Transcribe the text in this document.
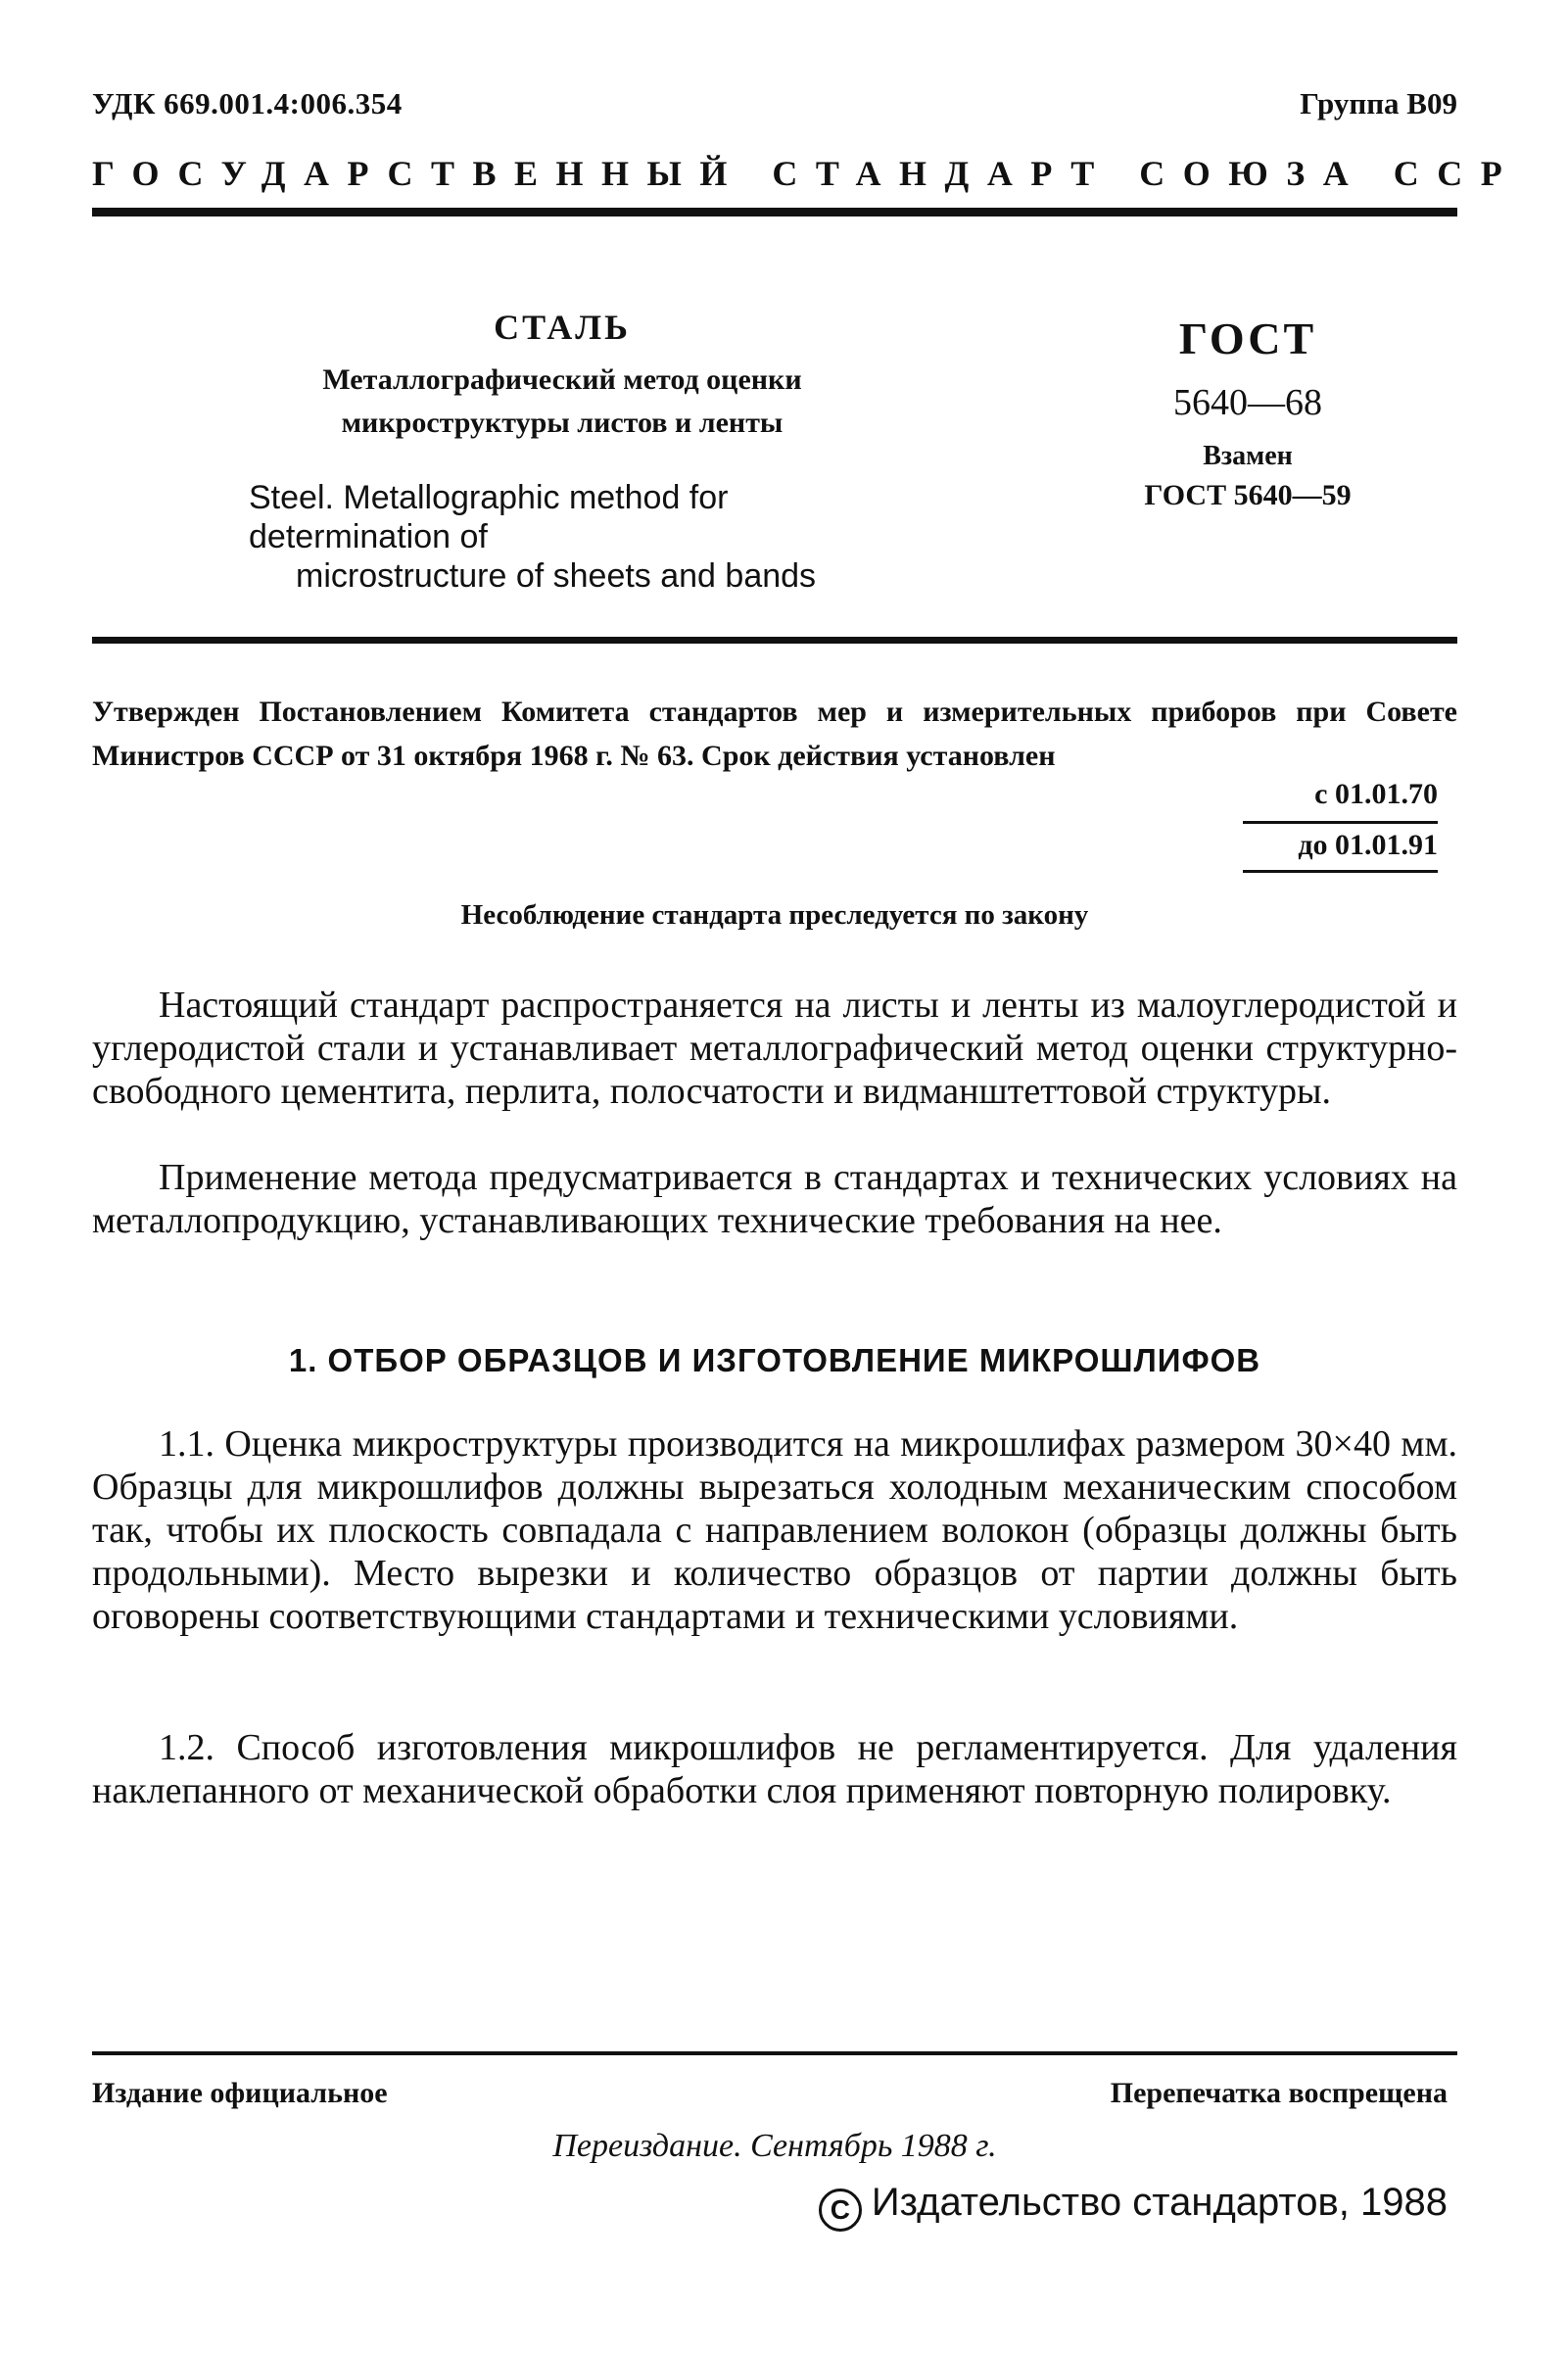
УДК 669.001.4:006.354	Группа В09
ГОСУДАРСТВЕННЫЙ СТАНДАРТ СОЮЗА ССР
СТАЛЬ
Металлографический метод оценки
микроструктуры листов и ленты
Steel. Metallographic method for determination of
microstructure of sheets and bands
ГОСТ
5640—68
Взамен
ГОСТ 5640—59
Утвержден Постановлением Комитета стандартов мер и измерительных приборов при Совете Министров СССР от 31 октября 1968 г. № 63. Срок действия установлен
с 01.01.70
до 01.01.91
Несоблюдение стандарта преследуется по закону
Настоящий стандарт распространяется на листы и ленты из малоуглеродистой и углеродистой стали и устанавливает металлографический метод оценки структурно-свободного цементита, перлита, полосчатости и видманштеттовой структуры.
Применение метода предусматривается в стандартах и технических условиях на металлопродукцию, устанавливающих технические требования на нее.
1. ОТБОР ОБРАЗЦОВ И ИЗГОТОВЛЕНИЕ МИКРОШЛИФОВ
1.1. Оценка микроструктуры производится на микрошлифах размером 30×40 мм. Образцы для микрошлифов должны вырезаться холодным механическим способом так, чтобы их плоскость совпадала с направлением волокон (образцы должны быть продольными). Место вырезки и количество образцов от партии должны быть оговорены соответствующими стандартами и техническими условиями.
1.2. Способ изготовления микрошлифов не регламентируется. Для удаления наклепанного от механической обработки слоя применяют повторную полировку.
Издание официальное	Перепечатка воспрещена
Переиздание. Сентябрь 1988 г.
С Издательство стандартов, 1988
